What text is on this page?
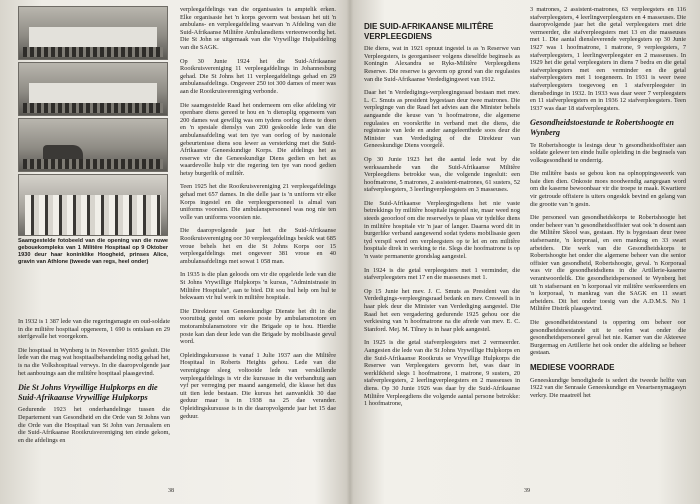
Saamgestelde fotobeeld van die opening van die nuwe gebouekompleks van 1 Militêre Hospitaal op 9 Oktober 1930 deur haar koninklike Hoogheid, prinses Alice, gravin van Athlone (tweede van regs, heel onder)

In 1932 is 1 387 lede van die regeringsmagte en oud-soldate in die militêre hospitaal opgeneem, 1 690 is ontslaan en 29 sterfgevalle het voorgekom.

Die hospitaal in Wynberg is in November 1935 gesluit. Die lede van die mag wat hospitaalbehandeling nodig gehad het, is na die Volkshospitaal verwys. In die daaropvolgende jaar het aanbouings aan die militêre hospitaal plaasgevind.

Die St Johns Vrywillige Hulpkorps en die Suid-Afrikaanse Vrywillige Hulpkorps

Gedurende 1923 het onderhandelinge tussen die Departement van Gesondheid en die Orde van St Johns van die Orde van die Hospitaal van St John van Jerusalem en die Suid-Afrikaanse Rooikruisvereniging ten einde gekom, en die afdelings en

verpleegafdelings van die organisasies is amptelik erken. Elke organisasie het 'n korps gevorm wat bestaan het uit 'n ambulans- en verpleegafdeling waarvan 'n Afdeling van die Suid-Afrikaanse Militêre Ambulansdiens verteenwoordig het. Die St John se uitgemaak van die Vrywillige Hulpafdeling van die SAGK.

Op 30 Junie 1924 het die Suid-Afrikaanse Rooikruisvereniging 11 verpleegafdelings in Johannesburg gehad. Die St Johns het 11 verpleegafdelings gehad en 29 ambulansafdelings. Ongeveer 250 tot 300 dames of meer was aan die Rooikruisvereniging verbonde.

Die saamgestelde Raad het onderneem om elke afdeling vir openbare diens gereed te hou en 'n diensplig opgeneem van 200 dames wat gewillig was om tydens oorlog diens te doen en 'n spesiale dienslys van 200 geskoolde lede van die ambulansafdeling wat ten tye van oorlog of by nasionale gebeurtenisse diens sou lewer as versterking met die Suid-Afrikaanse Geneeskundige Korps. Die afdelings het as reserwe vir die Geneeskundige Diens gedien en het as waardevolle hulp vir die regering ten tye van nood gedien hetsy burgerlik of militêr.

Teen 1925 het die Rooikruisvereniging 21 verpleegafdelings gehad met 657 dames. In die delle jaar is 'n uniform vir elke Korps ingestel en die verpleegpersoneel is almal van uniforms voorsien. Die ambulanspersoneel was nog nie ten volle van uniforms voorsien nie.

Die daaropvolgende jaar het die Suid-Afrikaanse Rooikruisvereniging oor 30 verpleegafdelings beskik wat 685 vroue behels het en die St Johns Korps oor 15 verpleegafdelings met ongeveer 381 vroue en 40 ambulansafdelings met sowat 1 058 man.

In 1935 is die plan geloods om vir die opgeleide lede van die St Johns Vrywillige Hulpkorps 'n kursus, "Administrasie in Militêre Hospitale", aan te bied. Dit sou hul help om hul te bekwaam vir hul werk in militêre hospitale.

Die Direkteur van Geneeskundige Dienste het dit in die vooruitsig gestel om sekere poste by ambulansmotore en motorambulansmotore vir die Brigade op te hou. Hierdie poste kan dan deur lede van die Brigade by mobilisasie gevul word.

Opleidingskursusse is vanaf 1 Julie 1937 aan die Militêre Hospitaal in Roberts Heights gehou. Lede van die vereniginge sleeg voltooide lede van verskillende verpleegafdelings is vir die kursusse in die verbandtuig aan vyf per verreging per maand aangemeld, die klasse het dus uit tien lede bestaan. Die kursus het aanvanklik 30 dae geduur maar is in 1938 na 25 dae verander. Opleidingskursusse is in die daaropvolgende jaar het 15 dae geduur.

38
DIE SUID-AFRIKAANSE MILITÊRE VERPLEEGDIENS

Die diens, wat in 1921 opnuut ingestel is as 'n Reserwe van Verpleegsters, is georganiseer volgens dieselfde beginsels as Koningin Alexandra se Ryks-Militêre Verpleegdiens Reserwe. Die reserwe is gevorm op grond van die regulasies van die Suid-Afrikaanse Verdedigingswet van 1912.

Daar het 'n Verdedigings-verpleegingsraad bestaan met mev. L. C. Smuts as president bygestaan deur twee matrones. Die verpleginge van die Raad het advies aan die Minister behels aangaande die keuse van 'n hoofmatrone, die algemene regulasies en voorskrifte in verband met die diens, die registrasie van lede en ander aangeleenthede soos deur die Minister van Verdediging of die Direkteur van Geneeskundige Diens voorgelê.

Op 30 Junie 1923 het die aantal lede wat by die werksaamhede van die Suid-Afrikaanse Militêre Verpleegdiens betrokke was, die volgende ingesluit: een hoofmatrone, 5 matrones, 2 assistent-matrones, 61 susters, 52 stafverpleegsters, 3 leerlingverpleegsters en 3 masseuses.

Die Suid-Afrikaanse Verpleegingsdiens het nie vaste betrekkings by militêre hospitale ingestel nie, maar weed nog steeds geoorloof om die reserwelys te plaas vir tydelike diens in militêre hospitale vir 'n jaar of langer. Daarna word dit in burgerlike verband aangewend sodat tydens mobilisasie geen tyd verspil word om verpleegsters op te lei en om militêre hospitale direk in werking te rie. Slegs die hoofmatrone is op 'n vaste permanente grondslag aangestel.

In 1924 is die getal verpleegsters met 1 verminder, die stafverpleegsters met 17 en die masseuses met 1.

Op 15 Junie het mev. J. C. Smuts as President van die Verdedigings-verpleegingsraad bedank en mev. Creswell is in haar plek deur die Minister van Verdediging aangestel. Die Raad het een vergadering gedurende 1925 gehou oor die verkiesing van 'n hoofmatrone na die afrede van mev. E. C. Stanford. Mej. M. Tilney is in haar plek aangestel.

In 1925 is die getal stafverpleegsters met 2 vermeerder. Aangesien die lede van die St Johns Vrywillige Hulpkorps en die Suid-Afrikaanse Rooikruis se Vrywillige Hulpkorps die Reserwe van Verpleegsters gevorm het, was daar in werklikheid slegs 1 hoofmatrone, 1 matrone, 9 susters, 20 stafverpleegsters, 2 leerlingverpleegsters en 2 masseuses in diens. Op 30 Junie 1926 was daar by die Suid-Afrikaanse Militêre Verpleegdiens die volgende aantal persone betrokke: 1 hoofmatrone,

3 matrones, 2 assistent-matrones, 63 verpleegsters en 116 stafverpleegsters, 4 leerlingverpleegsters en 4 masseuses. Die daaropvolgende jaar het die getal verpleegsters met drie vermeerder, die stafverpleegsters met 13 en die masseuses met 1. Die aantal diensleverende verpleegsters op 30 Junie 1927 was 1 hoofmatrone, 1 matrone, 9 verpleegsters, 7 stafverpleegsters, 1 leerlingverpleegster en 2 masseuses. In 1929 het die getal verpleegsters in diens 7 bedra en die getal stafverpleegsters met een verminder en die getal stafverpleegsters met 1 toegeneem. In 1931 is weer twee stafverpleegsters toegevoeg en 1 stafverpleegster in diensbedinge in 1932. In 1933 was daar weer 7 verpleegsters en 11 stafverpleegsters en in 1936 12 stafverpleegsters. Teen 1937 was daar 18 stafverpleegsters.

Gesondheidstoestande te Robertshoogte en Wynberg

Te Robertshoogte is lesings deur 'n gesondheidsoffisier aan soldate gelewer ten einde hulle opleiding in die beginsels van volksgesondheid te onderrig.

Die militêre basis se gebou kon na oplnoppingsweerk van baie dien dien. Onkoste moes noodwendig aangegaan word om die kaserne bewoonbaar vir die troepe te maak. Kwartiere vir getroude offisiere is uiters ongeskik bevind en gelang van die grootte van 'n gesin.

Die personeel van gesondheidskorps te Robertshoogte het onder beheer van 'n gesondheidsoffisier wat ook 'n dosent aan die Militêre Skool was, gestaan. Hy is bygestaan deur twee stafsersante, 'n korporaal, en een mankrag en 33 swart arbeiders. Die werk van die Gesondheidskorps te Robertshoogte het onder die algemene beheer van die senior offisier van gesondheid, Robertshoogte, geval. 'n Korporaal was vir die gesondheidsdiens in die Artillerie-kaserne verantwoordelik. Die gesondheidspersoneel te Wynberg het uit 'n stafsersant en 'n korporaal vir militêre werkseerders en 'n korporaal, 'n mankrag van die SAGK en 11 swart arbeiders. Dit het onder toesig van die A.D.M.S. No 1 Militêre Distrik plaasgevind.

Die gesondheidstoestand is oppering om beheer oor gesondheidstoestande uit te oefen wat onder die gesondheidspersoneel geval het nie. Kamer van die Akteewe Burgermag en Artillerie het ook onder die afdeling se beheer gestaan.

MEDIESE VOORRADE

Geneeskundige benodighede is sedert die tweede helfte van 1922 van die Senraale Geneeskundige en Veeartsenymagasyn verkry. Die maatreël het

39
